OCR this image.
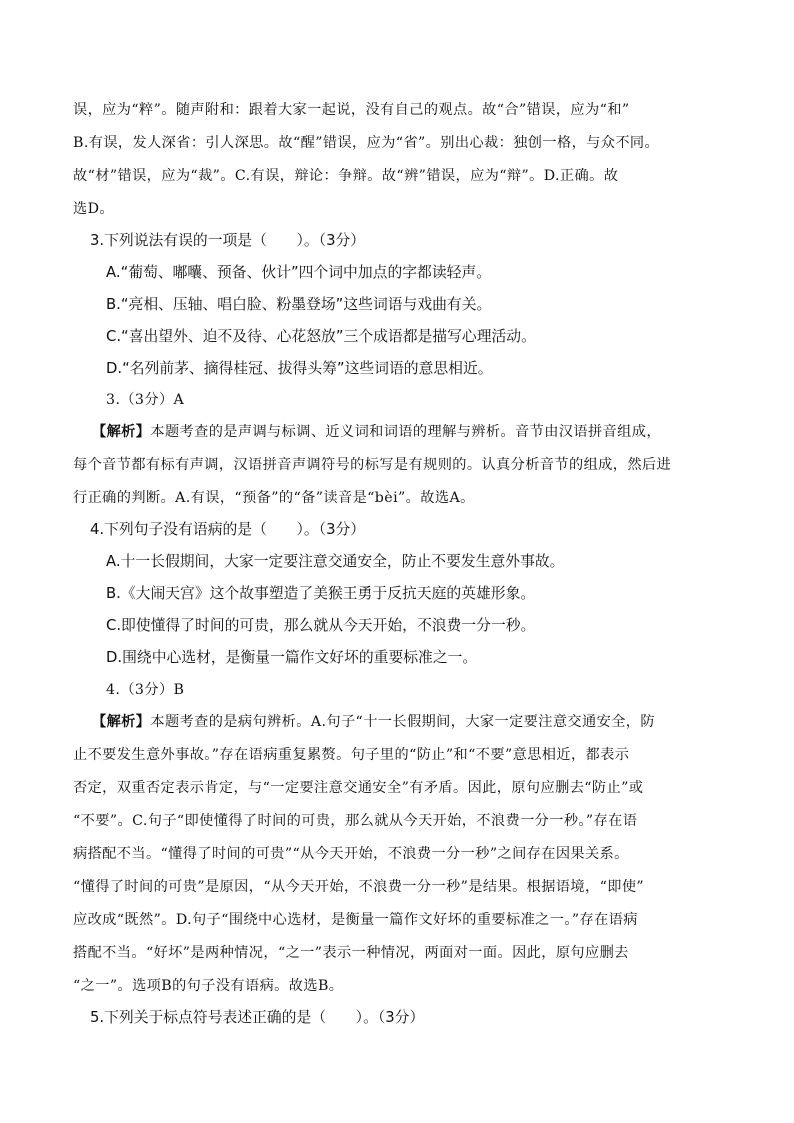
误，应为“粹”。随声附和：跟着大家一起说，没有自己的观点。故“合”错误，应为“和”
B.有误，发人深省：引人深思。故“醒”错误，应为“省”。别出心裁：独创一格，与众不同。
故“材”错误，应为“裁”。C.有误，辩论：争辩。故“辨”错误，应为“辩”。D.正确。故
选D。
3.下列说法有误的一项是（　　）。（3分）
A.“葡萄、嘟囔、预备、伙计”四个词中加点的字都读轻声。
B.“亮相、压轴、唱白脸、粉墨登场”这些词语与戏曲有关。
C.“喜出望外、迫不及待、心花怒放”三个成语都是描写心理活动。
D.“名列前茅、摘得桂冠、拔得头筹”这些词语的意思相近。
3.（3分）A
【解析】本题考查的是声调与标调、近义词和词语的理解与辨析。音节由汉语拼音组成，
每个音节都有标有声调，汉语拼音声调符号的标写是有规则的。认真分析音节的组成，然后进
行正确的判断。A.有误，“预备”的“备”读音是“bèi”。故选A。
4.下列句子没有语病的是（　　）。（3分）
A.十一长假期间，大家一定要注意交通安全，防止不要发生意外事故。
B.《大闹天宫》这个故事塑造了美猴王勇于反抗天庭的英雄形象。
C.即使懂得了时间的可贵，那么就从今天开始，不浪费一分一秒。
D.围绕中心选材，是衡量一篇作文好坏的重要标准之一。
4.（3分）B
【解析】本题考查的是病句辨析。A.句子“十一长假期间，大家一定要注意交通安全，防
止不要发生意外事故。”存在语病重复累赘。句子里的“防止”和“不要”意思相近，都表示
否定，双重否定表示肯定，与“一定要注意交通安全”有矛盾。因此，原句应删去“防止”或
“不要”。C.句子“即使懂得了时间的可贵，那么就从今天开始，不浪费一分一秒。”存在语
病搭配不当。“懂得了时间的可贵”“从今天开始，不浪费一分一秒”之间存在因果关系。
“懂得了时间的可贵”是原因，“从今天开始，不浪费一分一秒”是结果。根据语境，“即使”
应改成“既然”。D.句子“围绕中心选材，是衡量一篇作文好坏的重要标准之一。”存在语病
搭配不当。“好坏”是两种情况，“之一”表示一种情况，两面对一面。因此，原句应删去
“之一”。选项B的句子没有语病。故选B。
5.下列关于标点符号表述正确的是（　　）。（3分）
